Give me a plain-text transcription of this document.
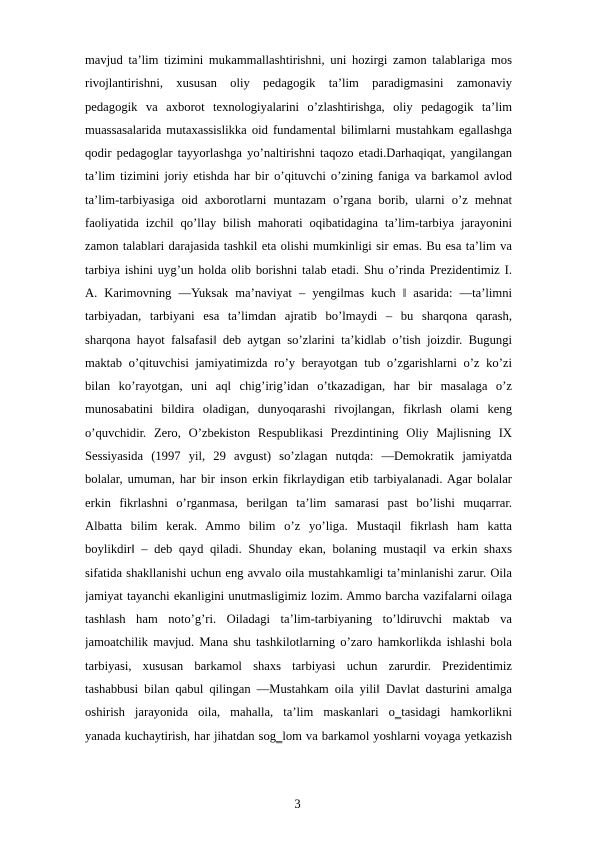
mavjud ta’lim tizimini mukammallashtirishni, uni hozirgi zamon talablariga mos
rivojlantirishni, xususan oliy pedagogik ta’lim paradigmasini zamonaviy
pedagogik va axborot texnologiyalarini o’zlashtirishga, oliy pedagogik ta’lim
muassasalarida mutaxassislikka oid fundamental bilimlarni mustahkam egallashga
qodir pedagoglar tayyorlashga yo’naltirishni taqozo etadi.Darhaqiqat, yangilangan
ta’lim tizimini joriy etishda har bir o’qituvchi o’zining faniga va barkamol avlod
ta’lim-tarbiyasiga oid axborotlarni muntazam o’rgana borib, ularni o’z mehnat
faoliyatida izchil qo’llay bilish mahorati oqibatidagina ta’lim-tarbiya jarayonini
zamon talablari darajasida tashkil eta olishi mumkinligi sir emas. Bu esa ta’lim va
tarbiya ishini uyg’un holda olib borishni talab etadi. Shu o’rinda Prezidentimiz I.
A. Karimovning ―Yuksak ma’naviyat – yengilmas kuch ‖ asarida: ―ta’limni
tarbiyadan, tarbiyani esa ta’limdan ajratib bo’lmaydi – bu sharqona qarash,
sharqona hayot falsafasi‖ deb aytgan so’zlarini ta’kidlab o’tish joizdir. Bugungi
maktab o’qituvchisi jamiyatimizda ro’y berayotgan tub o’zgarishlarni o’z ko’zi
bilan ko’rayotgan, uni aql chig’irig’idan o’tkazadigan, har bir masalaga o’z
munosabatini bildira oladigan, dunyoqarashi rivojlangan, fikrlash olami keng
o’quvchidir. Zero, O’zbekiston Respublikasi Prezdintining Oliy Majlisning IX
Sessiyasida (1997 yil, 29 avgust) so’zlagan nutqda: ―Demokratik jamiyatda
bolalar, umuman, har bir inson erkin fikrlaydigan etib tarbiyalanadi. Agar bolalar
erkin fikrlashni o’rganmasa, berilgan ta’lim samarasi past bo’lishi muqarrar.
Albatta bilim kerak. Ammo bilim o’z yo’liga. Mustaqil fikrlash ham katta
boylikdir‖ – deb qayd qiladi. Shunday ekan, bolaning mustaqil va erkin shaxs
sifatida shakllanishi uchun eng avvalo oila mustahkamligi ta’minlanishi zarur. Oila
jamiyat tayanchi ekanligini unutmasligimiz lozim. Ammo barcha vazifalarni oilaga
tashlash ham noto’g’ri. Oiladagi ta’lim-tarbiyaning to’ldiruvchi maktab va
jamoatchilik mavjud. Mana shu tashkilotlarning o’zaro hamkorlikda ishlashi bola
tarbiyasi, xususan barkamol shaxs tarbiyasi uchun zarurdir. Prezidentimiz
tashabbusi bilan qabul qilingan ―Mustahkam oila yili‖ Davlat dasturini amalga
oshirish jarayonida oila, mahalla, ta’lim maskanlari o‗tasidagi hamkorlikni
yanada kuchaytirish, har jihatdan sog‗lom va barkamol yoshlarni voyaga yetkazish
3
